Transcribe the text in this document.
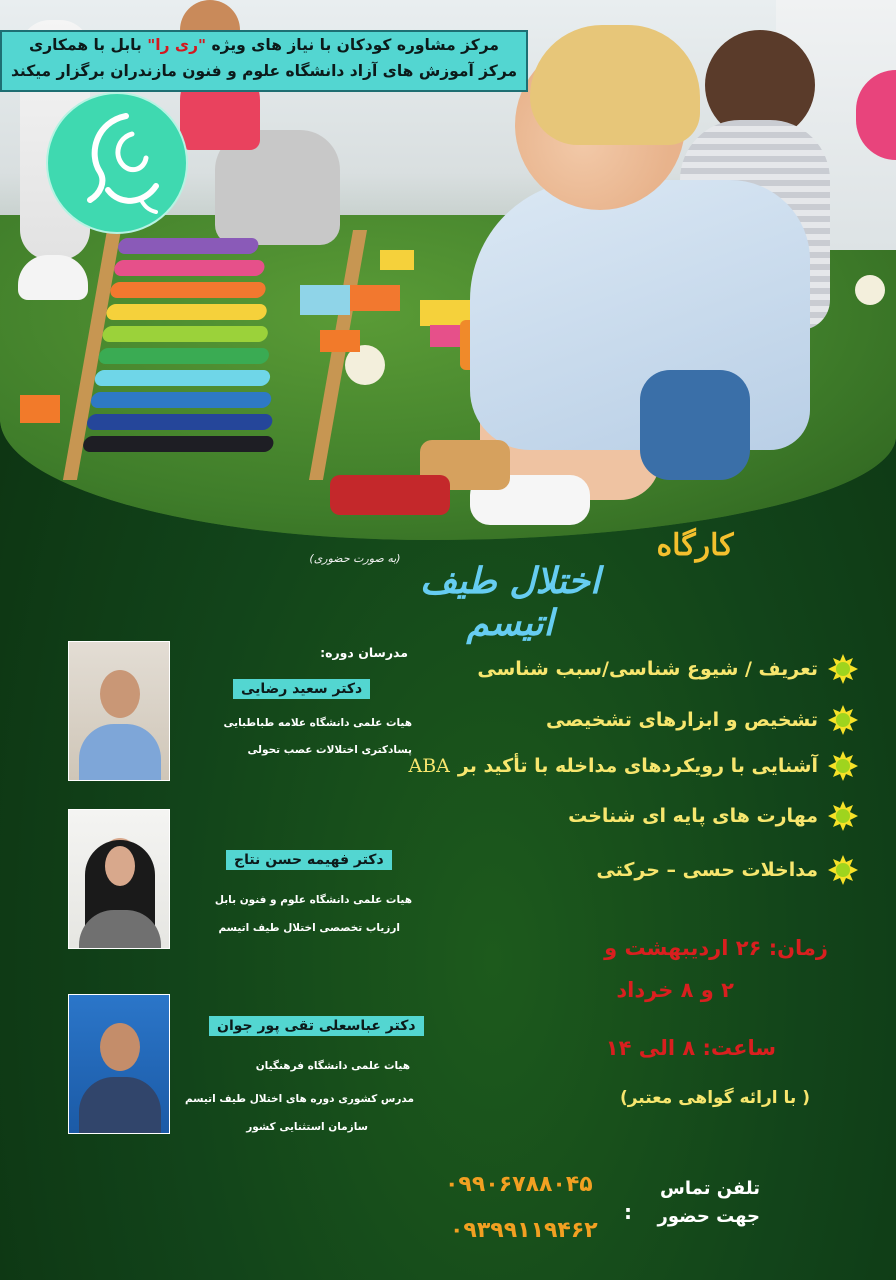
مرکز مشاوره کودکان با نیاز های ویژه "ری را" بابل با همکاری
مرکز آموزش های آزاد دانشگاه علوم و فنون مازندران برگزار میکند
کارگاه
(به صورت حضوری)
اختلال طیف اتیسم
مدرسان دوره:
دکتر سعید رضایی
هیات علمی دانشگاه علامه طباطبایی
پسادکتری اختلالات عصب تحولی
دکتر فهیمه حسن نتاج
هیات علمی دانشگاه علوم و فنون بابل
ارزیاب تخصصی اختلال طیف اتیسم
دکتر عباسعلی تقی پور جوان
هیات علمی دانشگاه فرهنگیان
مدرس کشوری دوره های اختلال طیف اتیسم
سازمان استثنایی کشور
تعریف / شیوع شناسی/سبب شناسی
تشخیص و ابزارهای تشخیصی
آشنایی با رویکردهای مداخله با تأکید بر
ABA
مهارت های پایه ای شناخت
مداخلات حسی – حرکتی
زمان: ۲۶ اردیبهشت و
۲ و ۸ خرداد
ساعت: ۸ الی ۱۴
( با ارائه گواهی معتبر)
تلفن تماس
جهت حضور
:
۰۹۹۰۶۷۸۸۰۴۵
۰۹۳۹۹۱۱۹۴۶۲
